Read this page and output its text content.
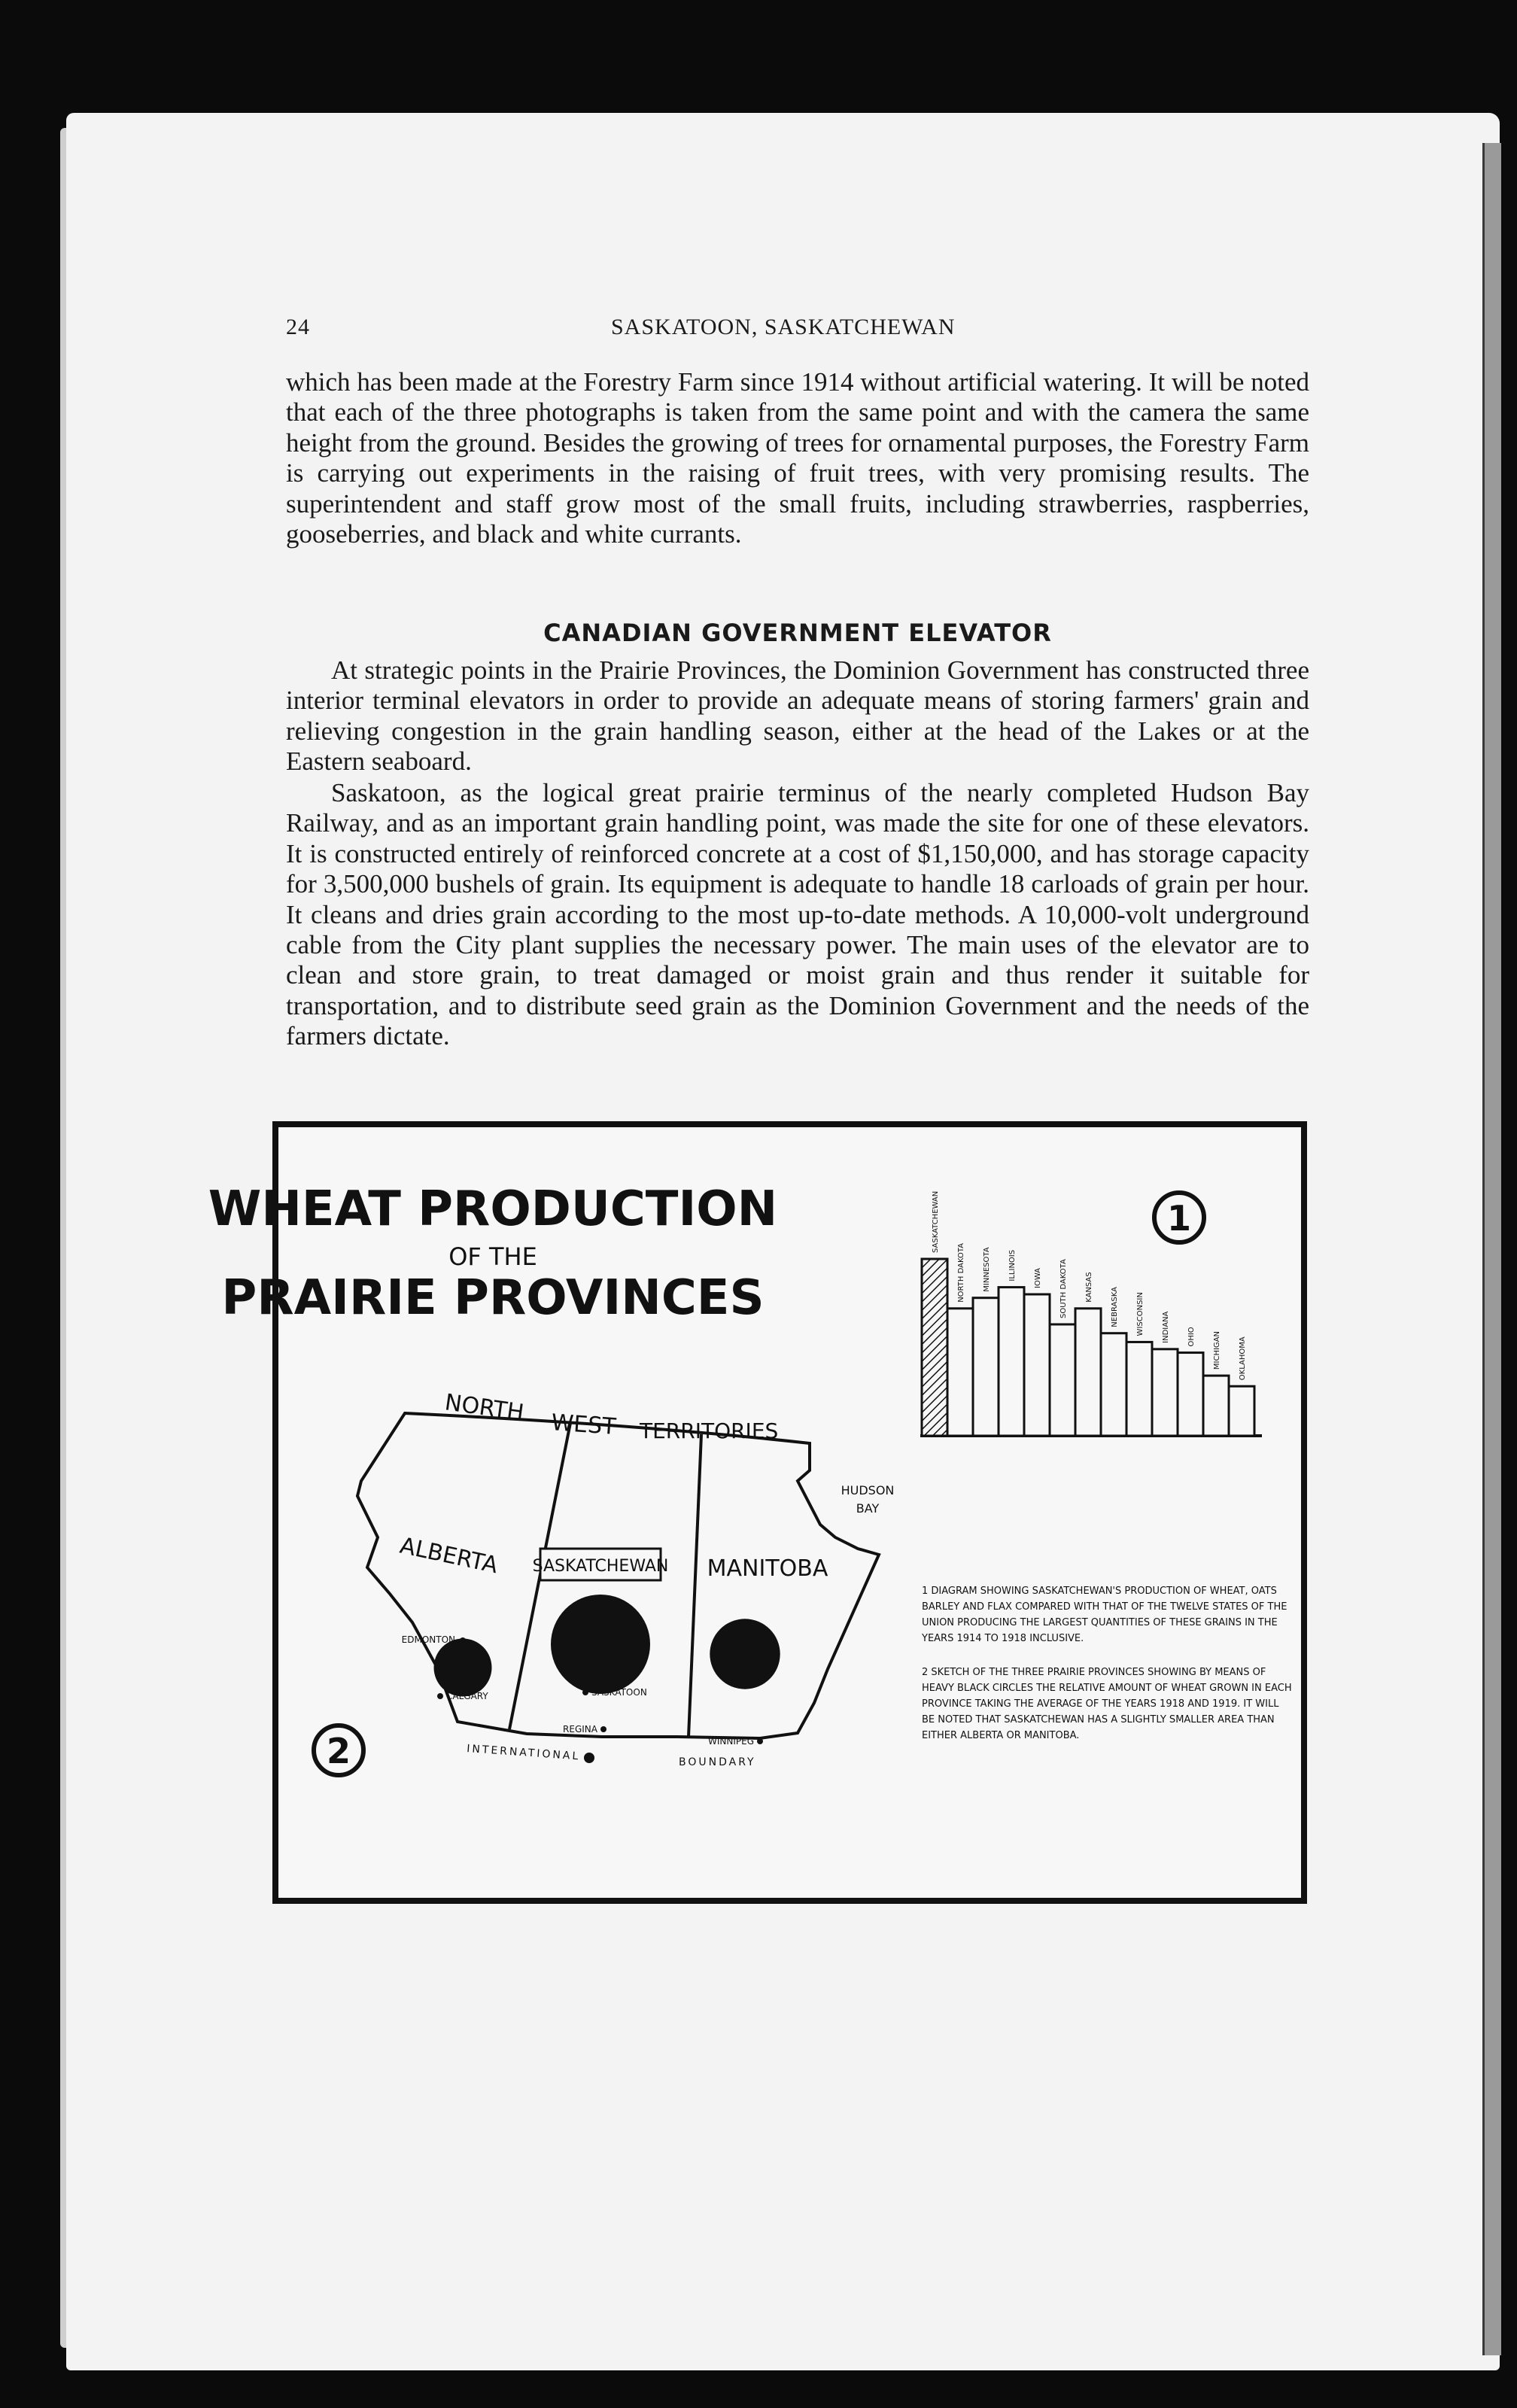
24	SASKATOON, SASKATCHEWAN

which has been made at the Forestry Farm since 1914 without artificial watering. It will be noted that each of the three photographs is taken from the same point and with the camera the same height from the ground. Besides the growing of trees for ornamental purposes, the Forestry Farm is carrying out experiments in the raising of fruit trees, with very promising results. The superintendent and staff grow most of the small fruits, including strawberries, raspberries, gooseberries, and black and white currants.

CANADIAN GOVERNMENT ELEVATOR

At strategic points in the Prairie Provinces, the Dominion Government has constructed three interior terminal elevators in order to provide an adequate means of storing farmers' grain and relieving congestion in the grain handling season, either at the head of the Lakes or at the Eastern seaboard.

Saskatoon, as the logical great prairie terminus of the nearly completed Hudson Bay Railway, and as an important grain handling point, was made the site for one of these elevators. It is constructed entirely of reinforced concrete at a cost of $1,150,000, and has storage capacity for 3,500,000 bushels of grain. Its equipment is adequate to handle 18 carloads of grain per hour. It cleans and dries grain according to the most up-to-date methods. A 10,000-volt underground cable from the City plant supplies the necessary power. The main uses of the elevator are to clean and store grain, to treat damaged or moist grain and thus render it suitable for transportation, and to distribute seed grain as the Dominion Government and the needs of the farmers dictate.

WHEAT PRODUCTION
OF THE
PRAIRIE PROVINCES
1
SASKATCHEWAN
NORTH DAKOTA MINNESOTA ILLINOIS IOWA SOUTH DAKOTA KANSAS NEBRASKA WISCONSIN INDIANA OHIO MICHIGAN OKLAHOMA
NORTH WEST TERRITORIES
HUDSON
BAY
ALBERTA SASKATCHEWAN MANITOBA
EDMONTON
CALGARY	SASKATOON
REGINA
WINNIPEG
INTERNATIONAL	BOUNDARY
2
1 DIAGRAM SHOWING SASKATCHEWAN'S PRODUCTION OF WHEAT, OATS
BARLEY AND FLAX COMPARED WITH THAT OF THE TWELVE STATES OF THE
UNION PRODUCING THE LARGEST QUANTITIES OF THESE GRAINS IN THE
YEARS 1914 TO 1918 INCLUSIVE.
2 SKETCH OF THE THREE PRAIRIE PROVINCES SHOWING BY MEANS OF
HEAVY BLACK CIRCLES THE RELATIVE AMOUNT OF WHEAT GROWN IN EACH
PROVINCE TAKING THE AVERAGE OF THE YEARS 1918 AND 1919. IT WILL
BE NOTED THAT SASKATCHEWAN HAS A SLIGHTLY SMALLER AREA THAN
EITHER ALBERTA OR MANITOBA.
